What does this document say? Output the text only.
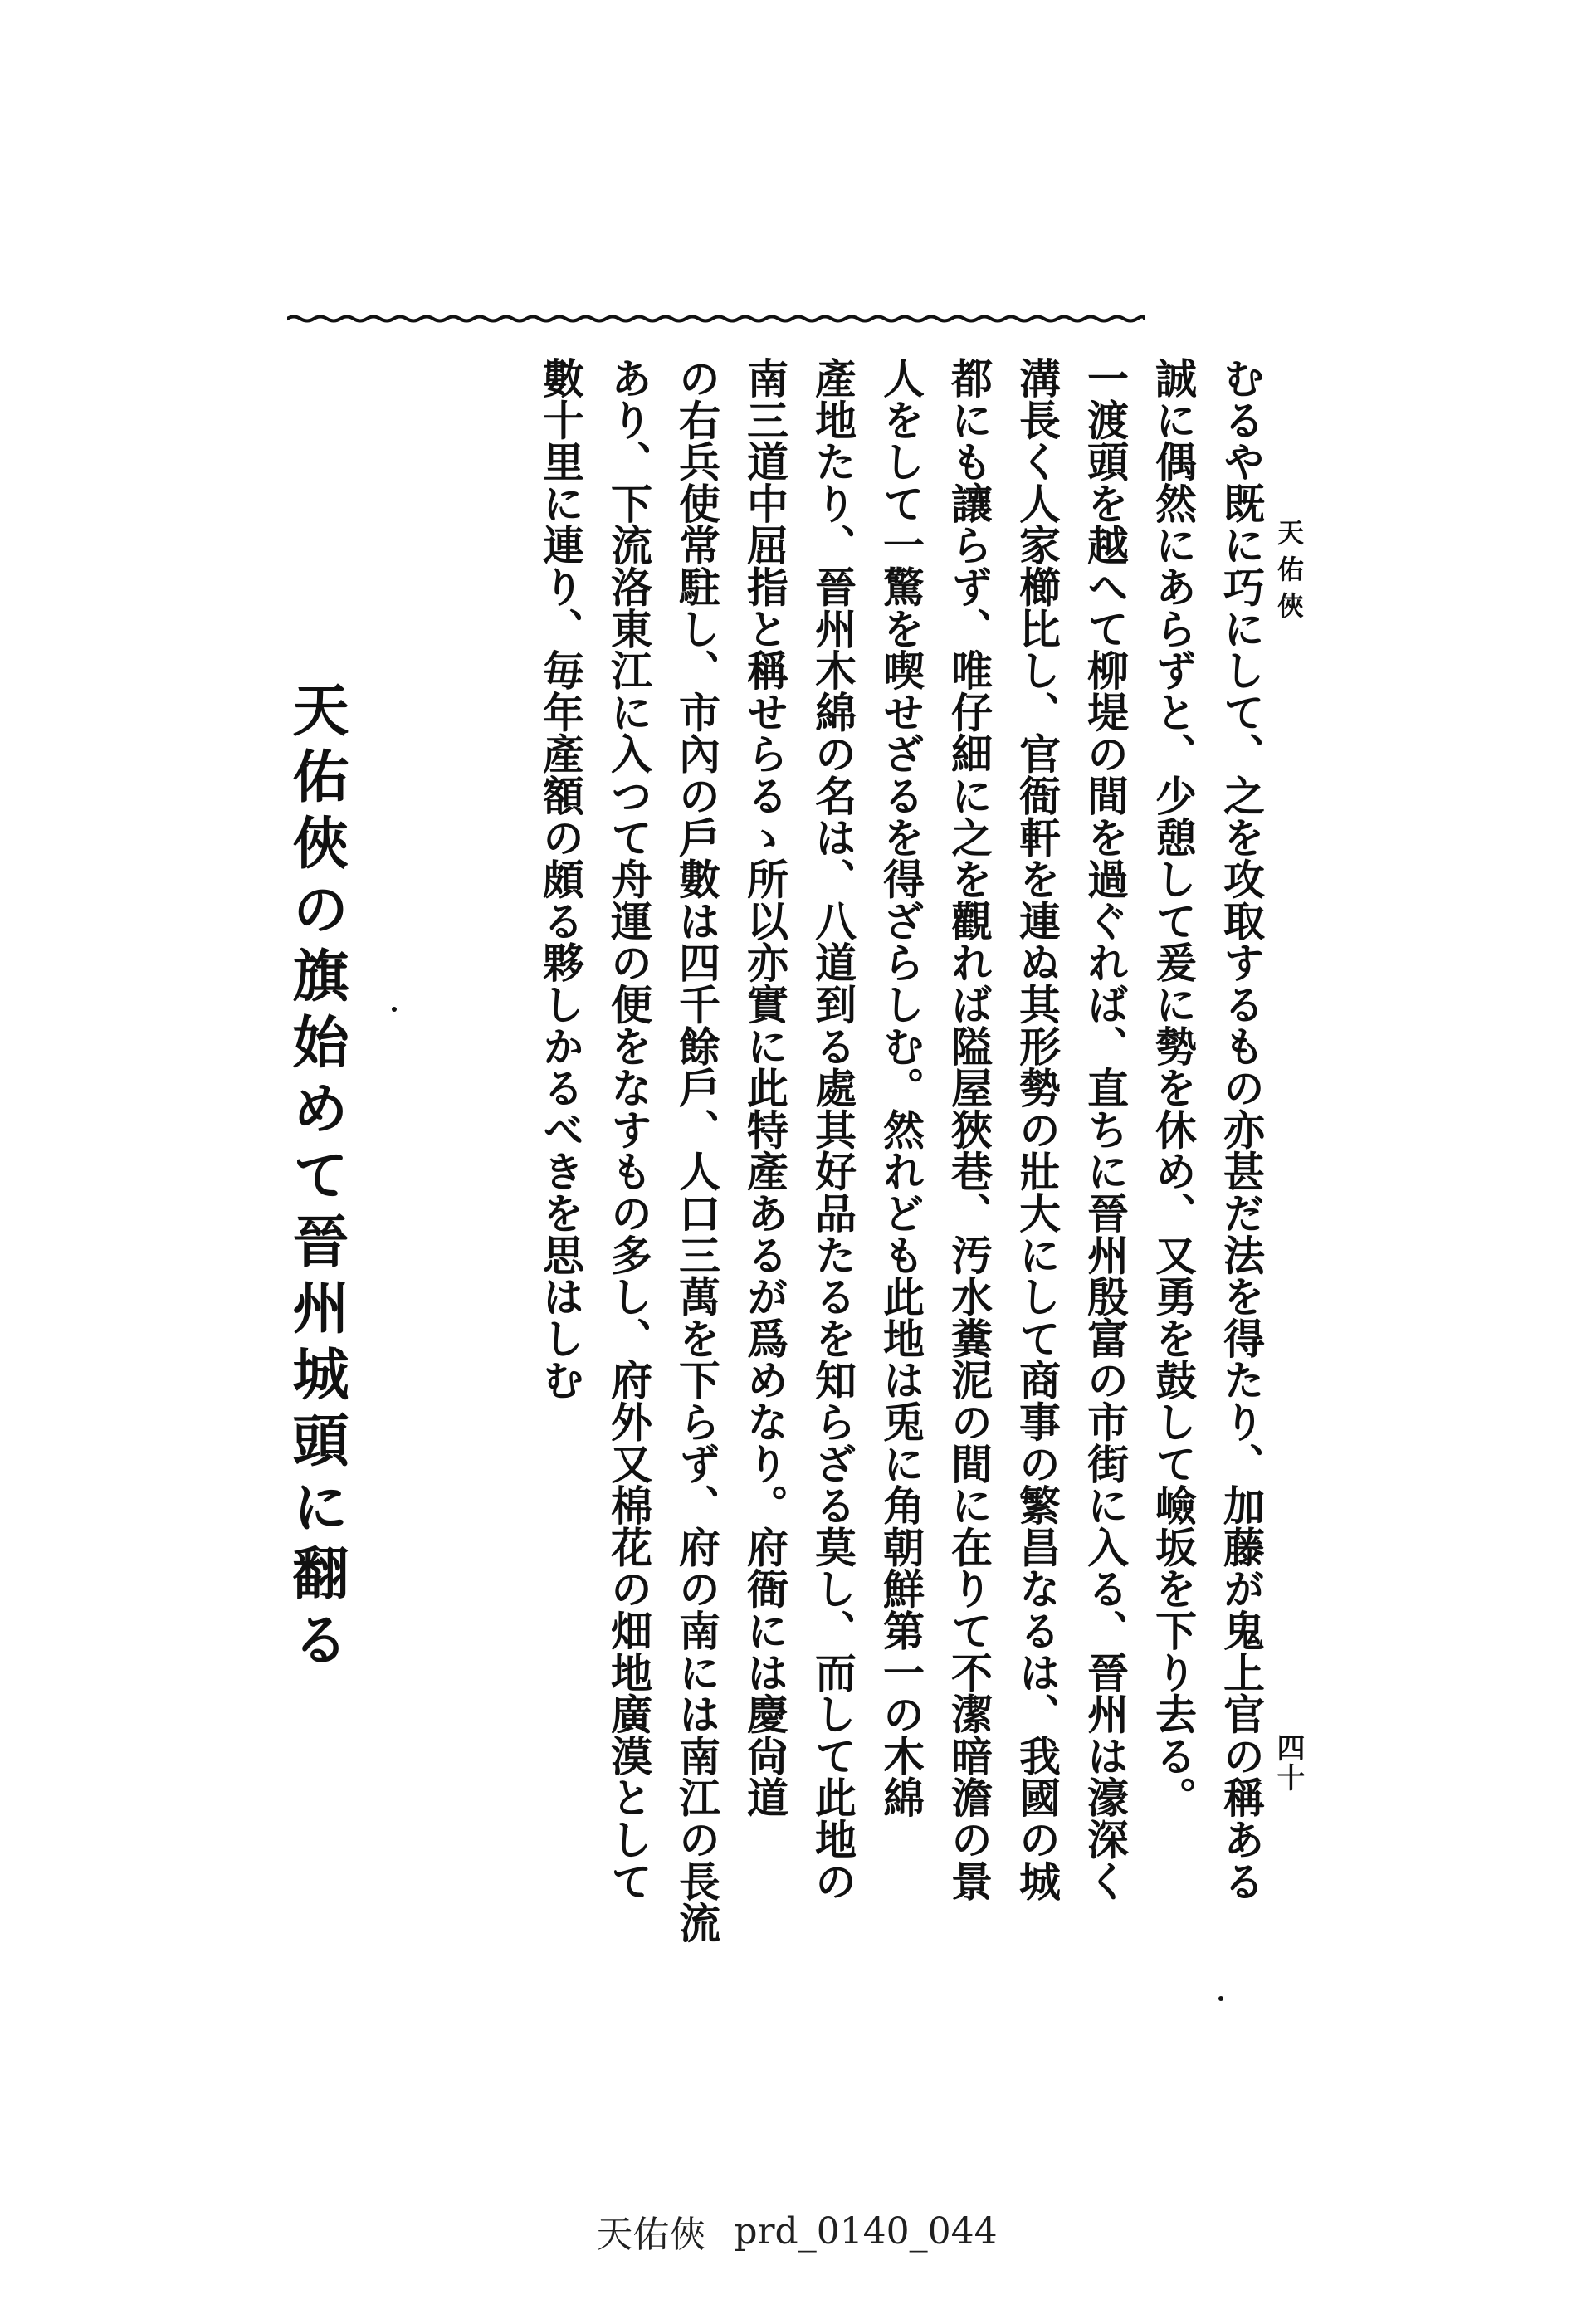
天佑俠
四十
むるや既に巧にして、之を攻取するもの亦甚だ法を得たり、加藤が鬼上官の稱ある
誠に偶然にあらずと、少憩して爰に勢を休め、又勇を鼓して嶮坂を下り去る。
一渡頭を越へて柳堤の間を過ぐれば、直ちに晉州殷富の市街に入る、晉州は濠深く
溝長く人家櫛比し、官衙軒を連ぬ其形勢の壯大にして商事の繁昌なるは、我國の城
都にも讓らず、唯仔細に之を觀れば隘屋狹巷、汚水糞泥の間に在りて不潔暗澹の景
人をして一驚を喫せざるを得ざらしむ。然れども此地は兎に角朝鮮第一の木綿
產地たり、晉州木綿の名は、八道到る處其好品たるを知らざる莫し、而して此地の
南三道中屈指と稱せらるゝ所以亦實に此特產あるが爲めなり。府衙には慶尙道
の右兵使常駐し、市內の戶數は四千餘戶、人口三萬を下らず、府の南には南江の長流
あり、下流洛東江に入つて舟運の便をなすもの多し、府外又棉花の畑地廣漠として
數十里に連り、毎年產額の頗る夥しかるべきを思はしむ
天佑俠の旗始めて晉州城頭に翻る
天佑俠 prd_0140_044
